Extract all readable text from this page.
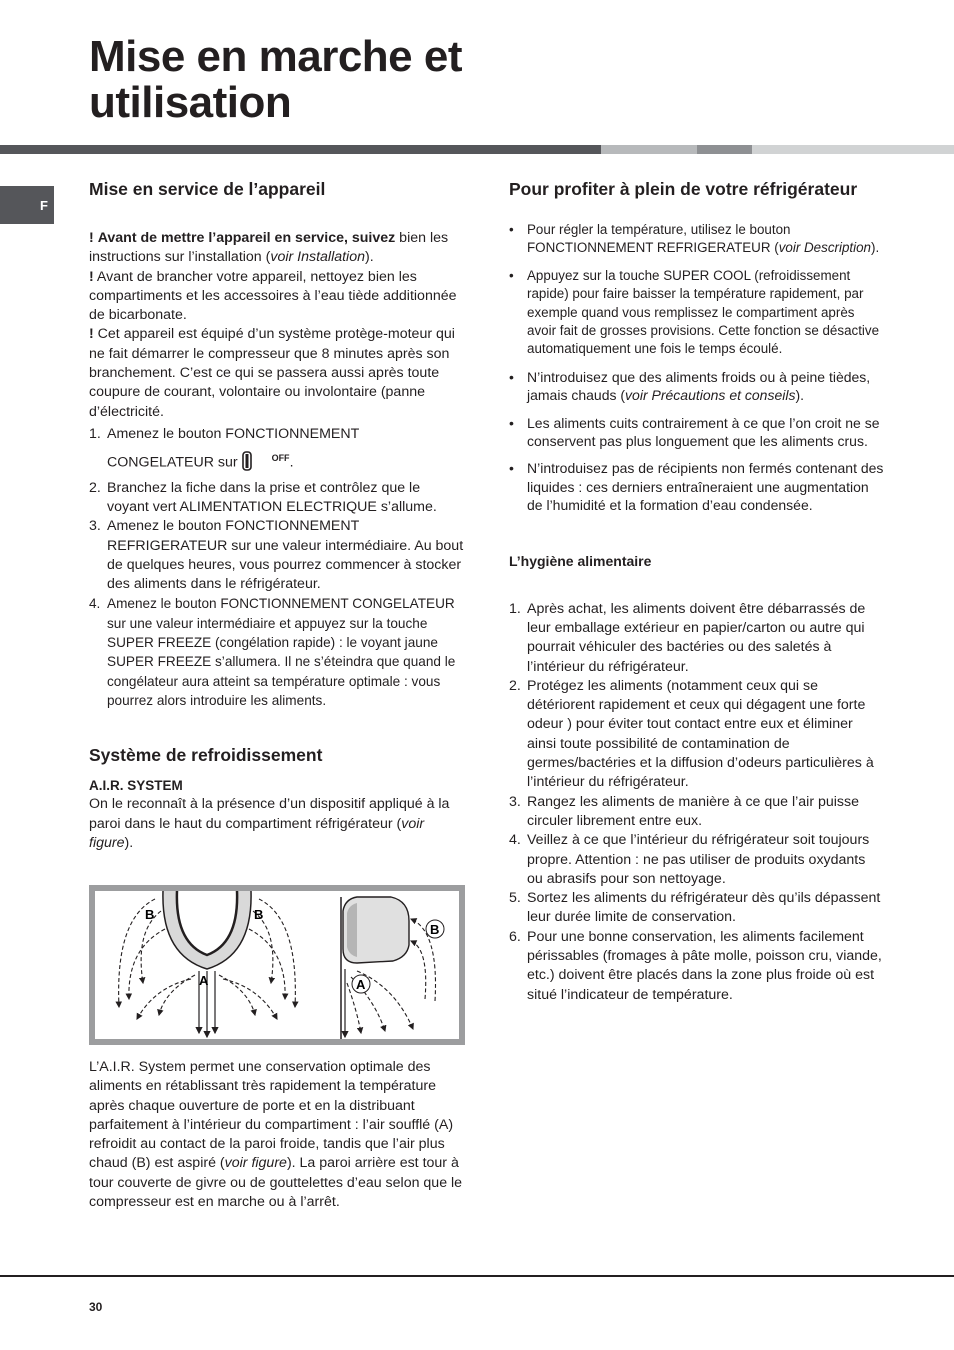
Mise en marche et
utilisation
F
Mise en service de l’appareil

! Avant de mettre l’appareil en service, suivez bien les instructions sur l’installation (voir Installation).

! Avant de brancher votre appareil, nettoyez bien les compartiments et les accessoires à l’eau tiède additionnée de bicarbonate.

! Cet appareil est équipé d’un système protège-moteur qui ne fait démarrer le compresseur que 8 minutes après son branchement. C’est ce qui se passera aussi après toute coupure de courant, volontaire ou involontaire (panne d’électricité.

1. Amenez le bouton FONCTIONNEMENT CONGELATEUR sur	$^{OFF}$.
2. Branchez la fiche dans la prise et contrôlez que le voyant vert ALIMENTATION ELECTRIQUE s’allume.
3. Amenez le bouton FONCTIONNEMENT REFRIGERATEUR sur une valeur intermédiaire. Au bout de quelques heures, vous pourrez commencer à stocker des aliments dans le réfrigérateur.
4. Amenez le bouton FONCTIONNEMENT CONGELATEUR sur une valeur intermédiaire et appuyez sur la touche SUPER FREEZE (congélation rapide) : le voyant jaune SUPER FREEZE s’allumera. Il ne s’éteindra que quand le congélateur aura atteint sa température optimale : vous pourrez alors introduire les aliments.
Système de refroidissement
A.I.R. SYSTEM

On le reconnaît à la présence d’un dispositif appliqué à la paroi dans le haut du compartiment réfrigérateur (voir figure).

B	B
A
B
A

L’A.I.R. System permet une conservation optimale des aliments en rétablissant très rapidement la température après chaque ouverture de porte et en la distribuant parfaitement à l’intérieur du compartiment : l’air soufflé (A) refroidit au contact de la paroi froide, tandis que l’air plus chaud (B) est aspiré (voir figure). La paroi arrière est tour à tour couverte de givre ou de gouttelettes d’eau selon que le compresseur est en marche ou à l’arrêt.

Pour profiter à plein de votre réfrigérateur
• Pour régler la température, utilisez le bouton FONCTIONNEMENT REFRIGERATEUR (voir Description).
• Appuyez sur la touche SUPER COOL (refroidissement rapide) pour faire baisser la température rapidement, par exemple quand vous remplissez le compartiment après avoir fait de grosses provisions. Cette fonction se désactive automatiquement une fois le temps écoulé.
• N’introduisez que des aliments froids ou à peine tièdes, jamais chauds (voir Précautions et conseils).
• Les aliments cuits contrairement à ce que l’on croit ne se conservent pas plus longuement que les aliments crus.
• N’introduisez pas de récipients non fermés contenant des liquides : ces derniers entraîneraient une augmentation de l’humidité et la formation d’eau condensée.
L’hygiène alimentaire
1. Après achat, les aliments doivent être débarrassés de leur emballage extérieur en papier/carton ou autre qui pourrait véhiculer des bactéries ou des saletés à l’intérieur du réfrigérateur.
2. Protégez les aliments (notamment ceux qui se détériorent rapidement et ceux qui dégagent une forte odeur ) pour éviter tout contact entre eux et éliminer ainsi toute possibilité de contamination de germes/bactéries et la diffusion d’odeurs particulières à l’intérieur du réfrigérateur.
3. Rangez les aliments de manière à ce que l’air puisse circuler librement entre eux.
4. Veillez à ce que l’intérieur du réfrigérateur soit toujours propre. Attention : ne pas utiliser de produits oxydants ou abrasifs pour son nettoyage.
5. Sortez les aliments du réfrigérateur dès qu’ils dépassent leur durée limite de conservation.
6. Pour une bonne conservation, les aliments facilement périssables (fromages à pâte molle, poisson cru, viande, etc.) doivent être placés dans la zone plus froide où est situé l’indicateur de température.
30
